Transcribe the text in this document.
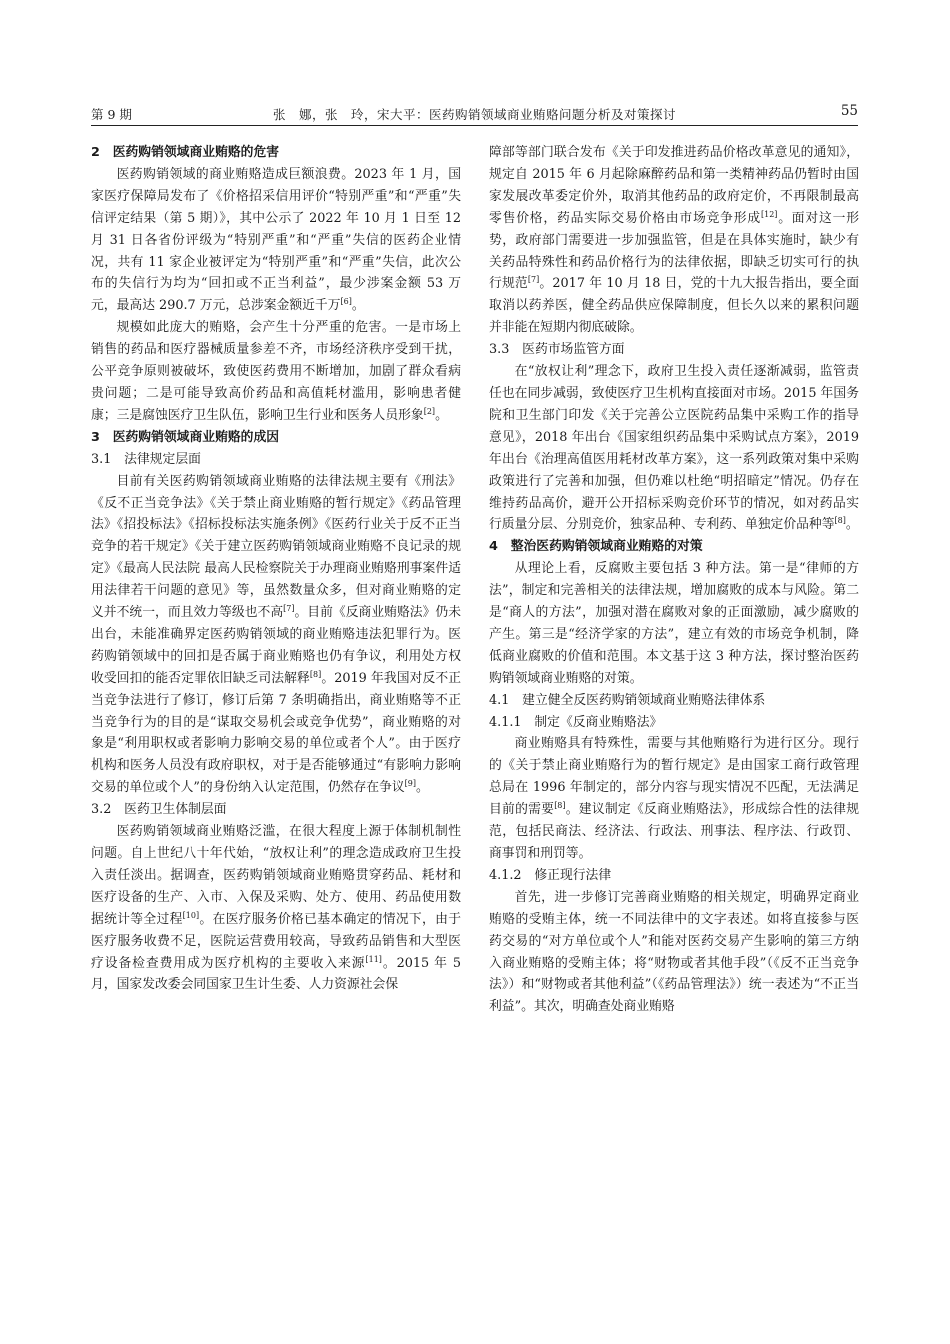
第 9 期	张　娜，张　玲，宋大平：医药购销领域商业贿赂问题分析及对策探讨	55
2　医药购销领域商业贿赂的危害

医药购销领域的商业贿赂造成巨额浪费。2023 年 1 月，国家医疗保障局发布了《价格招采信用评价“特别严重”和“严重”失信评定结果（第 5 期）》，其中公示了 2022 年 10 月 1 日至 12 月 31 日各省份评级为“特别严重”和“严重”失信的医药企业情况，共有 11 家企业被评定为“特别严重”和“严重”失信，此次公布的失信行为均为“回扣或不正当利益”，最少涉案金额 53 万元，最高达 290.7 万元，总涉案金额近千万[6]。

规模如此庞大的贿赂，会产生十分严重的危害。一是市场上销售的药品和医疗器械质量参差不齐，市场经济秩序受到干扰，公平竞争原则被破坏，致使医药费用不断增加，加剧了群众看病贵问题；二是可能导致高价药品和高值耗材滥用，影响患者健康；三是腐蚀医疗卫生队伍，影响卫生行业和医务人员形象[2]。

3　医药购销领域商业贿赂的成因
3.1　法律规定层面

目前有关医药购销领域商业贿赂的法律法规主要有《刑法》《反不正当竞争法》《关于禁止商业贿赂的暂行规定》《药品管理法》《招投标法》《招标投标法实施条例》《医药行业关于反不正当竞争的若干规定》《关于建立医药购销领域商业贿赂不良记录的规定》《最高人民法院 最高人民检察院关于办理商业贿赂刑事案件适用法律若干问题的意见》等，虽然数量众多，但对商业贿赂的定义并不统一，而且效力等级也不高[7]。目前《反商业贿赂法》仍未出台，未能准确界定医药购销领域的商业贿赂违法犯罪行为。医药购销领域中的回扣是否属于商业贿赂也仍有争议，利用处方权收受回扣的能否定罪依旧缺乏司法解释[8]。2019 年我国对反不正当竞争法进行了修订，修订后第 7 条明确指出，商业贿赂等不正当竞争行为的目的是“谋取交易机会或竞争优势”，商业贿赂的对象是“利用职权或者影响力影响交易的单位或者个人”。由于医疗机构和医务人员没有政府职权，对于是否能够通过“有影响力影响交易的单位或个人”的身份纳入认定范围，仍然存在争议[9]。

3.2　医药卫生体制层面

医药购销领域商业贿赂泛滥，在很大程度上源于体制机制性问题。自上世纪八十年代始，“放权让利”的理念造成政府卫生投入责任淡出。据调查，医药购销领域商业贿赂贯穿药品、耗材和医疗设备的生产、入市、入保及采购、处方、使用、药品使用数据统计等全过程[10]。在医疗服务价格已基本确定的情况下，由于医疗服务收费不足，医院运营费用较高，导致药品销售和大型医疗设备检查费用成为医疗机构的主要收入来源[11]。2015 年 5 月，国家发改委会同国家卫生计生委、人力资源社会保

障部等部门联合发布《关于印发推进药品价格改革意见的通知》，规定自 2015 年 6 月起除麻醉药品和第一类精神药品仍暂时由国家发展改革委定价外，取消其他药品的政府定价，不再限制最高零售价格，药品实际交易价格由市场竞争形成[12]。面对这一形势，政府部门需要进一步加强监管，但是在具体实施时，缺少有关药品特殊性和药品价格行为的法律依据，即缺乏切实可行的执行规范[7]。2017 年 10 月 18 日，党的十九大报告指出，要全面取消以药养医，健全药品供应保障制度，但长久以来的累积问题并非能在短期内彻底破除。

3.3　医药市场监管方面

在“放权让利”理念下，政府卫生投入责任逐渐减弱，监管责任也在同步减弱，致使医疗卫生机构直接面对市场。2015 年国务院和卫生部门印发《关于完善公立医院药品集中采购工作的指导意见》，2018 年出台《国家组织药品集中采购试点方案》，2019 年出台《治理高值医用耗材改革方案》，这一系列政策对集中采购政策进行了完善和加强，但仍难以杜绝“明招暗定”情况。仍存在维持药品高价，避开公开招标采购竞价环节的情况，如对药品实行质量分层、分别竞价，独家品种、专利药、单独定价品种等[8]。

4　整治医药购销领域商业贿赂的对策

从理论上看，反腐败主要包括 3 种方法。第一是“律师的方法”，制定和完善相关的法律法规，增加腐败的成本与风险。第二是“商人的方法”，加强对潜在腐败对象的正面激励，减少腐败的产生。第三是“经济学家的方法”，建立有效的市场竞争机制，降低商业腐败的价值和范围。本文基于这 3 种方法，探讨整治医药购销领域商业贿赂的对策。

4.1　建立健全反医药购销领域商业贿赂法律体系
4.1.1　制定《反商业贿赂法》

商业贿赂具有特殊性，需要与其他贿赂行为进行区分。现行的《关于禁止商业贿赂行为的暂行规定》是由国家工商行政管理总局在 1996 年制定的，部分内容与现实情况不匹配，无法满足目前的需要[8]。建议制定《反商业贿赂法》，形成综合性的法律规范，包括民商法、经济法、行政法、刑事法、程序法、行政罚、商事罚和刑罚等。

4.1.2　修正现行法律

首先，进一步修订完善商业贿赂的相关规定，明确界定商业贿赂的受贿主体，统一不同法律中的文字表述。如将直接参与医药交易的“对方单位或个人”和能对医药交易产生影响的第三方纳入商业贿赂的受贿主体；将“财物或者其他手段”（《反不正当竞争法》）和“财物或者其他利益”（《药品管理法》）统一表述为“不正当利益”。其次，明确查处商业贿赂
